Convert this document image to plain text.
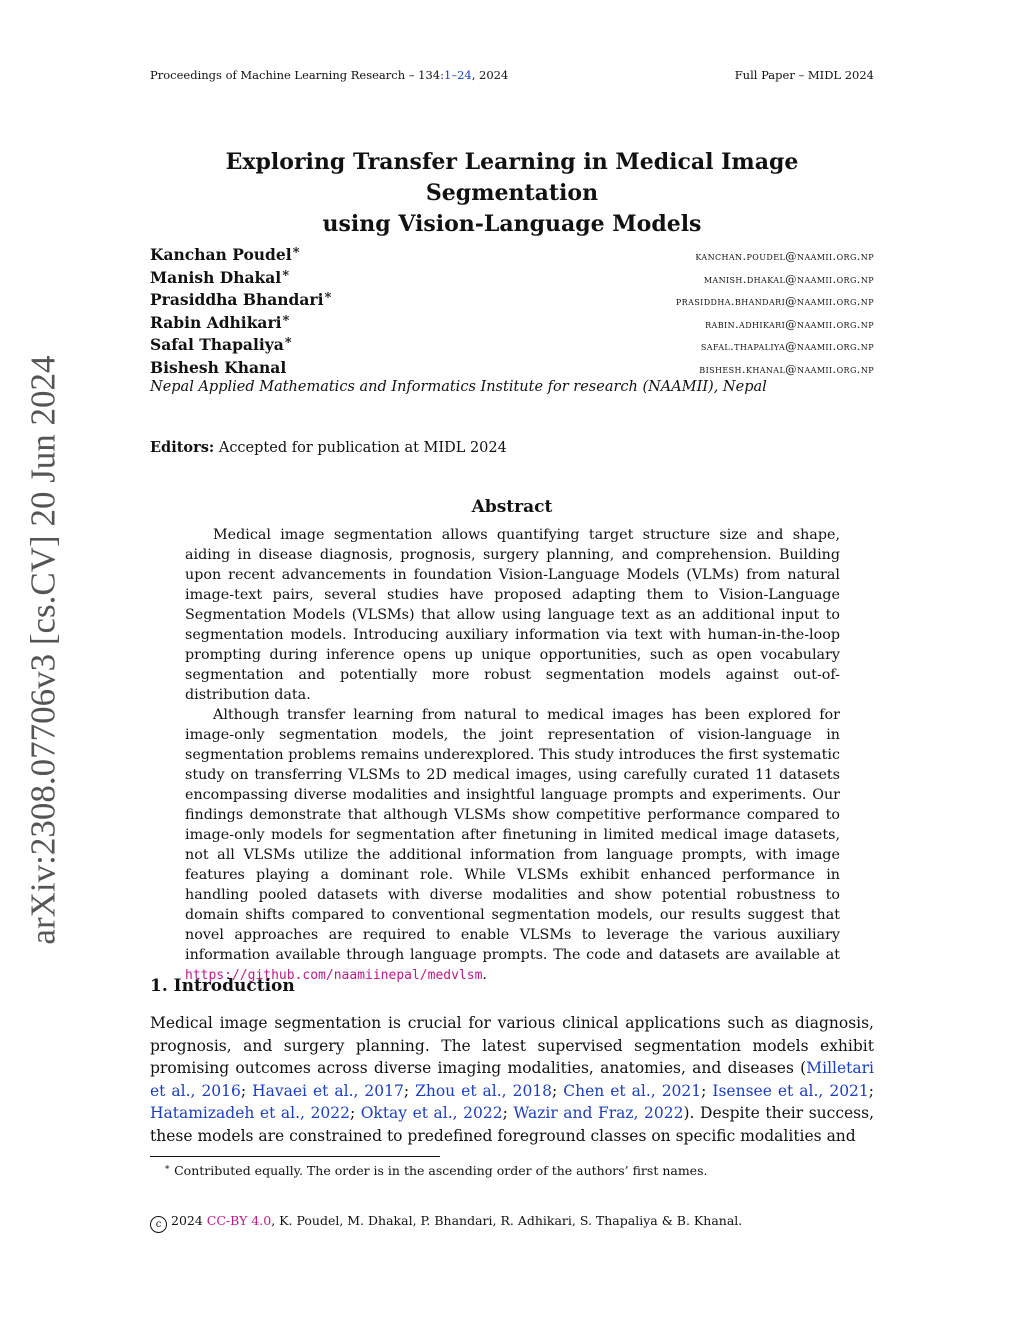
Proceedings of Machine Learning Research – 134:1–24, 2024	Full Paper – MIDL 2024
arXiv:2308.07706v3 [cs.CV] 20 Jun 2024
Exploring Transfer Learning in Medical Image Segmentation
using Vision-Language Models
Kanchan Poudel∗	kanchan.poudel@naamii.org.np
Manish Dhakal∗	manish.dhakal@naamii.org.np
Prasiddha Bhandari∗	prasiddha.bhandari@naamii.org.np
Rabin Adhikari∗	rabin.adhikari@naamii.org.np
Safal Thapaliya∗	safal.thapaliya@naamii.org.np
Bishesh Khanal	bishesh.khanal@naamii.org.np
Nepal Applied Mathematics and Informatics Institute for research (NAAMII), Nepal
Editors: Accepted for publication at MIDL 2024
Abstract

Medical image segmentation allows quantifying target structure size and shape, aiding in disease diagnosis, prognosis, surgery planning, and comprehension. Building upon recent advancements in foundation Vision-Language Models (VLMs) from natural image-text pairs, several studies have proposed adapting them to Vision-Language Segmentation Models (VLSMs) that allow using language text as an additional input to segmentation models. Introducing auxiliary information via text with human-in-the-loop prompting during inference opens up unique opportunities, such as open vocabulary segmentation and potentially more robust segmentation models against out-of-distribution data.

Although transfer learning from natural to medical images has been explored for image-only segmentation models, the joint representation of vision-language in segmentation problems remains underexplored. This study introduces the first systematic study on transferring VLSMs to 2D medical images, using carefully curated 11 datasets encompassing diverse modalities and insightful language prompts and experiments. Our findings demonstrate that although VLSMs show competitive performance compared to image-only models for segmentation after finetuning in limited medical image datasets, not all VLSMs utilize the additional information from language prompts, with image features playing a dominant role. While VLSMs exhibit enhanced performance in handling pooled datasets with diverse modalities and show potential robustness to domain shifts compared to conventional segmentation models, our results suggest that novel approaches are required to enable VLSMs to leverage the various auxiliary information available through language prompts. The code and datasets are available at https://github.com/naamiinepal/medvlsm.

1. Introduction

Medical image segmentation is crucial for various clinical applications such as diagnosis, prognosis, and surgery planning. The latest supervised segmentation models exhibit promising outcomes across diverse imaging modalities, anatomies, and diseases (Milletari et al., 2016; Havaei et al., 2017; Zhou et al., 2018; Chen et al., 2021; Isensee et al., 2021; Hatamizadeh et al., 2022; Oktay et al., 2022; Wazir and Fraz, 2022). Despite their success, these models are constrained to predefined foreground classes on specific modalities and

∗ Contributed equally. The order is in the ascending order of the authors’ first names.
c 2024 CC-BY 4.0, K. Poudel, M. Dhakal, P. Bhandari, R. Adhikari, S. Thapaliya & B. Khanal.
